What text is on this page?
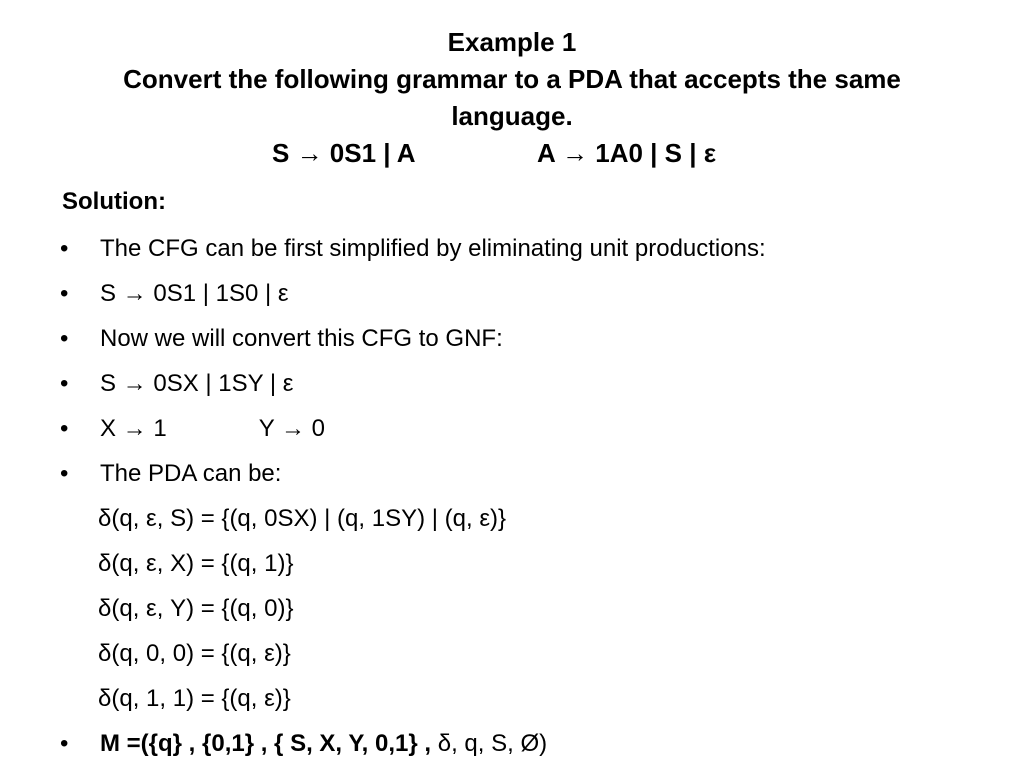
Example 1
Convert the following grammar to a PDA that accepts the same
language.
S → 0S1 | A	A → 1A0 | S | ε
Solution:
•	The CFG can be first simplified by eliminating unit productions:
•	S → 0S1 | 1S0 | ε
•	Now we will convert this CFG to GNF:
•	S → 0SX | 1SY | ε
•	X → 1	Y → 0
•	The PDA can be:
δ(q, ε, S) = {(q, 0SX) | (q, 1SY) | (q, ε)}
δ(q, ε, X) = {(q, 1)}
δ(q, ε, Y) = {(q, 0)}
δ(q, 0, 0) = {(q, ε)}
δ(q, 1, 1) = {(q, ε)}
•	M =({q} , {0,1} , { S, X, Y, 0,1} , δ, q, S, Ø)
